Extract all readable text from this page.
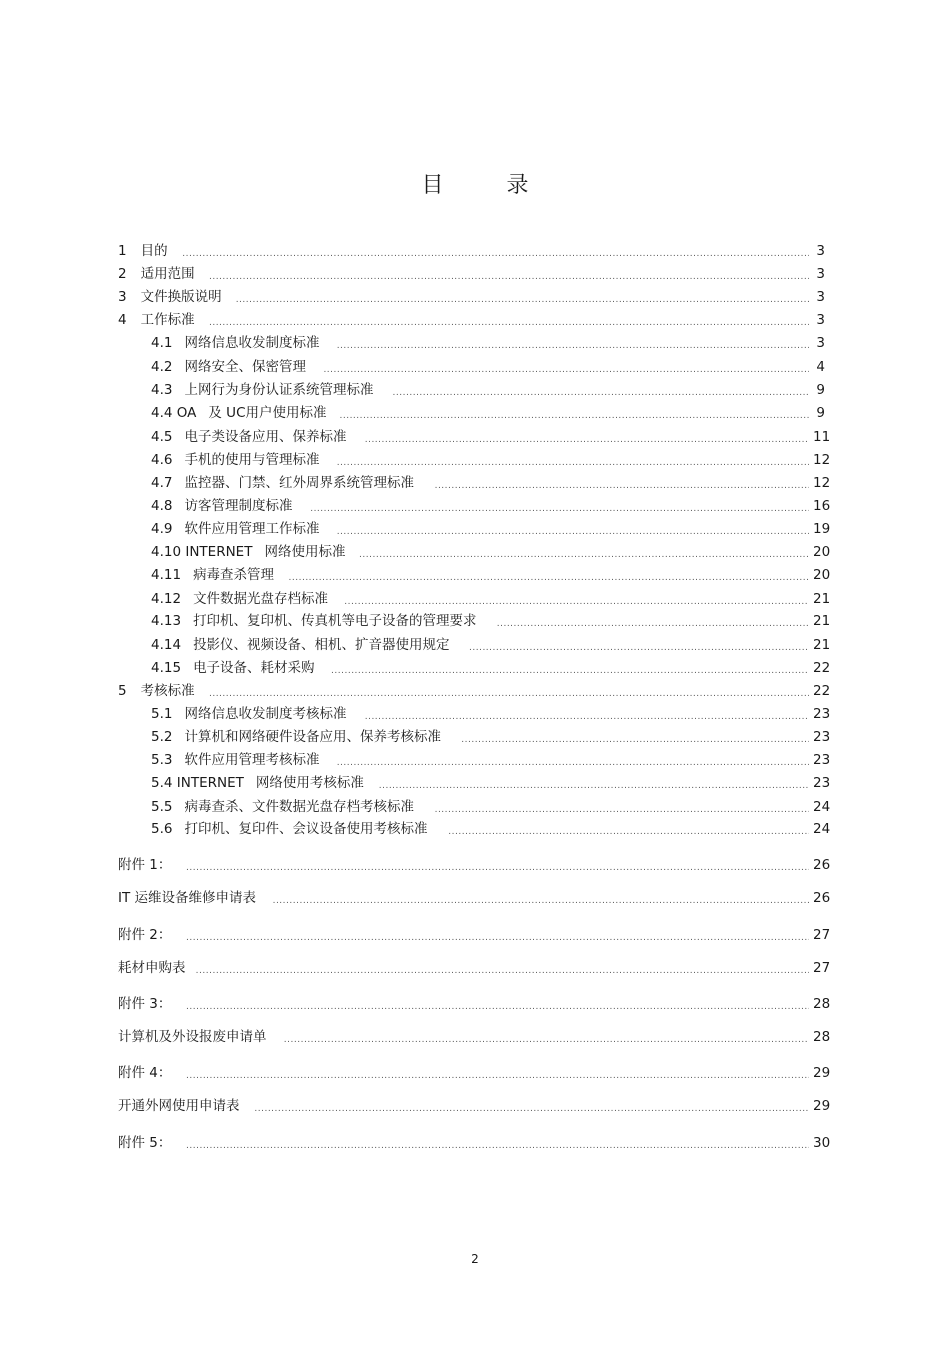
目 录
1 目的 .....	3
2 适用范围 .....	3
3 文件换版说明 .....	3
4 工作标准 .....	3
4.1 网络信息收发制度标准 .....	3
4.2 网络安全、保密管理 .....	4
4.3 上网行为身份认证系统管理标准 .....	9
4.4 OA 及 UC用户使用标准 .....	9
4.5 电子类设备应用、保养标准 .....	11
4.6 手机的使用与管理标准 .....	12
4.7 监控器、门禁、红外周界系统管理标准 .....	12
4.8 访客管理制度标准 .....	16
4.9 软件应用管理工作标准 .....	19
4.10 INTERNET 网络使用标准 .....	20
4.11 病毒查杀管理 .....	20
4.12 文件数据光盘存档标准 .....	21
4.13 打印机、复印机、传真机等电子设备的管理要求 .....	21
4.14 投影仪、视频设备、相机、扩音器使用规定 .....	21
4.15 电子设备、耗材采购 .....	22
5 考核标准 .....	22
5.1 网络信息收发制度考核标准 .....	23
5.2 计算机和网络硬件设备应用、保养考核标准 .....	23
5.3 软件应用管理考核标准 .....	23
5.4 INTERNET 网络使用考核标准 .....	23
5.5 病毒查杀、文件数据光盘存档考核标准 .....	24
5.6 打印机、复印件、会议设备使用考核标准 .....	24
附件 1： .....	26
IT 运维设备维修申请表 .....	26
附件 2： .....	27
耗材申购表 .....	27
附件 3： .....	28
计算机及外设报废申请单 .....	28
附件 4： .....	29
开通外网使用申请表 .....	29
附件 5： .....	30
2
